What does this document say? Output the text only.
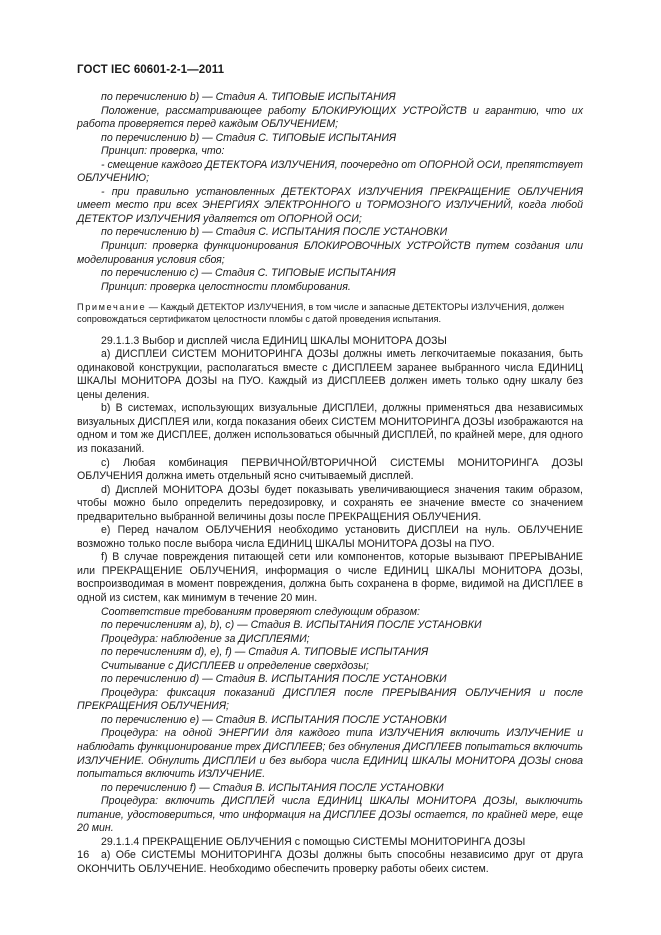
ГОСТ IEC 60601-2-1—2011

по перечислению b) — Стадия А. ТИПОВЫЕ ИСПЫТАНИЯ

Положение, рассматривающее работу БЛОКИРУЮЩИХ УСТРОЙСТВ и гарантию, что их работа проверяется перед каждым ОБЛУЧЕНИЕМ;

по перечислению b) — Стадия С. ТИПОВЫЕ ИСПЫТАНИЯ

Принцип: проверка, что:

- смещение каждого ДЕТЕКТОРА ИЗЛУЧЕНИЯ, поочередно от ОПОРНОЙ ОСИ, препятствует ОБЛУЧЕНИЮ;

- при правильно установленных ДЕТЕКТОРАХ ИЗЛУЧЕНИЯ ПРЕКРАЩЕНИЕ ОБЛУЧЕНИЯ имеет место при всех ЭНЕРГИЯХ ЭЛЕКТРОННОГО и ТОРМОЗНОГО ИЗЛУЧЕНИЙ, когда любой ДЕТЕКТОР ИЗЛУЧЕНИЯ удаляется от ОПОРНОЙ ОСИ;

по перечислению b) — Стадия С. ИСПЫТАНИЯ ПОСЛЕ УСТАНОВКИ

Принцип: проверка функционирования БЛОКИРОВОЧНЫХ УСТРОЙСТВ путем создания или моделирования условия сбоя;

по перечислению с) — Стадия С. ТИПОВЫЕ ИСПЫТАНИЯ

Принцип: проверка целостности пломбирования.

Примечание — Каждый ДЕТЕКТОР ИЗЛУЧЕНИЯ, в том числе и запасные ДЕТЕКТОРЫ ИЗЛУЧЕНИЯ, должен сопровождаться сертификатом целостности пломбы с датой проведения испытания.

29.1.1.3 Выбор и дисплей числа ЕДИНИЦ ШКАЛЫ МОНИТОРА ДОЗЫ

a) ДИСПЛЕИ СИСТЕМ МОНИТОРИНГА ДОЗЫ должны иметь легкочитаемые показания, быть одинаковой конструкции, располагаться вместе с ДИСПЛЕЕМ заранее выбранного числа ЕДИНИЦ ШКАЛЫ МОНИТОРА ДОЗЫ на ПУО. Каждый из ДИСПЛЕЕВ должен иметь только одну шкалу без цены деления.

b) В системах, использующих визуальные ДИСПЛЕИ, должны применяться два независимых визуальных ДИСПЛЕЯ или, когда показания обеих СИСТЕМ МОНИТОРИНГА ДОЗЫ изображаются на одном и том же ДИСПЛЕЕ, должен использоваться обычный ДИСПЛЕЙ, по крайней мере, для одного из показаний.

c) Любая комбинация ПЕРВИЧНОЙ/ВТОРИЧНОЙ СИСТЕМЫ МОНИТОРИНГА ДОЗЫ ОБЛУЧЕНИЯ должна иметь отдельный ясно считываемый дисплей.

d) Дисплей МОНИТОРА ДОЗЫ будет показывать увеличивающиеся значения таким образом, чтобы можно было определить передозировку, и сохранять ее значение вместе со значением предварительно выбранной величины дозы после ПРЕКРАЩЕНИЯ ОБЛУЧЕНИЯ.

e) Перед началом ОБЛУЧЕНИЯ необходимо установить ДИСПЛЕИ на нуль. ОБЛУЧЕНИЕ возможно только после выбора числа ЕДИНИЦ ШКАЛЫ МОНИТОРА ДОЗЫ на ПУО.

f) В случае повреждения питающей сети или компонентов, которые вызывают ПРЕРЫВАНИЕ или ПРЕКРАЩЕНИЕ ОБЛУЧЕНИЯ, информация о числе ЕДИНИЦ ШКАЛЫ МОНИТОРА ДОЗЫ, воспроизводимая в момент повреждения, должна быть сохранена в форме, видимой на ДИСПЛЕЕ в одной из систем, как минимум в течение 20 мин.

Соответствие требованиям проверяют следующим образом:

по перечислениям а), b), с) — Стадия В. ИСПЫТАНИЯ ПОСЛЕ УСТАНОВКИ

Процедура: наблюдение за ДИСПЛЕЯМИ;

по перечислениям d), е), f) — Стадия А. ТИПОВЫЕ ИСПЫТАНИЯ

Считывание с ДИСПЛЕЕВ и определение сверхдозы;

по перечислению d) — Стадия В. ИСПЫТАНИЯ ПОСЛЕ УСТАНОВКИ

Процедура: фиксация показаний ДИСПЛЕЯ после ПРЕРЫВАНИЯ ОБЛУЧЕНИЯ и после ПРЕКРАЩЕНИЯ ОБЛУЧЕНИЯ;

по перечислению е) — Стадия В. ИСПЫТАНИЯ ПОСЛЕ УСТАНОВКИ

Процедура: на одной ЭНЕРГИИ для каждого типа ИЗЛУЧЕНИЯ включить ИЗЛУЧЕНИЕ и наблюдать функционирование трех ДИСПЛЕЕВ; без обнуления ДИСПЛЕЕВ попытаться включить ИЗЛУЧЕНИЕ. Обнулить ДИСПЛЕИ и без выбора числа ЕДИНИЦ ШКАЛЫ МОНИТОРА ДОЗЫ снова попытаться включить ИЗЛУЧЕНИЕ.

по перечислению f) — Стадия В. ИСПЫТАНИЯ ПОСЛЕ УСТАНОВКИ

Процедура: включить ДИСПЛЕЙ числа ЕДИНИЦ ШКАЛЫ МОНИТОРА ДОЗЫ, выключить питание, удостовериться, что информация на ДИСПЛЕЕ ДОЗЫ остается, по крайней мере, еще 20 мин.

29.1.1.4 ПРЕКРАЩЕНИЕ ОБЛУЧЕНИЯ с помощью СИСТЕМЫ МОНИТОРИНГА ДОЗЫ

a) Обе СИСТЕМЫ МОНИТОРИНГА ДОЗЫ должны быть способны независимо друг от друга ОКОНЧИТЬ ОБЛУЧЕНИЕ. Необходимо обеспечить проверку работы обеих систем.

16
